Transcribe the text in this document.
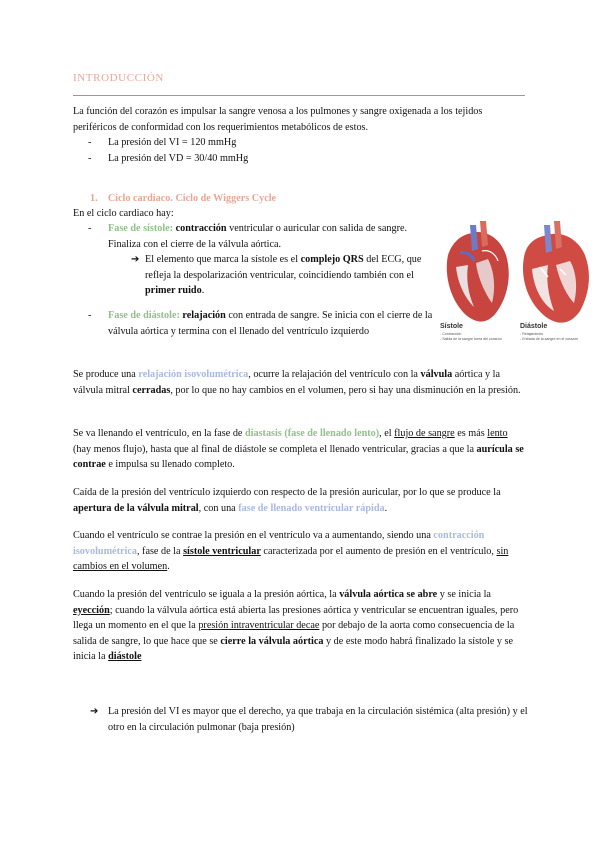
INTRODUCCIÓN

La función del corazón es impulsar la sangre venosa a los pulmones y sangre oxigenada a los tejidos periféricos de conformidad con los requerimientos metabólicos de estos.

- La presión del VI = 120 mmHg
- La presión del VD = 30/40 mmHg
1. Ciclo cardiaco. Ciclo de Wiggers Cycle
En el ciclo cardiaco hay:
- Fase de sístole: contracción ventricular o auricular con salida de sangre. Finaliza con el cierre de la válvula aórtica.
➔ El elemento que marca la sístole es el complejo QRS del ECG, que refleja la despolarización ventricular, coincidiendo también con el primer ruido.
- Fase de diástole: relajación con entrada de sangre. Se inicia con el cierre de la válvula aórtica y termina con el llenado del ventrículo izquierdo	Sístole
- Contracción
- Salida de la sangre fuera del corazón
Diástole
- Relajamiento
- Entrada de la sangre en el corazón

Se produce una relajación isovolumétrica, ocurre la relajación del ventrículo con la válvula aórtica y la válvula mitral cerradas, por lo que no hay cambios en el volumen, pero si hay una disminución en la presión.

Se va llenando el ventrículo, en la fase de diastasis (fase de llenado lento), el flujo de sangre es más lento (hay menos flujo), hasta que al final de diástole se completa el llenado ventricular, gracias a que la aurícula se contrae e impulsa su llenado completo.

Caída de la presión del ventrículo izquierdo con respecto de la presión auricular, por lo que se produce la apertura de la válvula mitral, con una fase de llenado ventricular rápida.

Cuando el ventrículo se contrae la presión en el ventrículo va a aumentando, siendo una contracción isovolumétrica, fase de la sístole ventricular caracterizada por el aumento de presión en el ventrículo, sin cambios en el volumen.

Cuando la presión del ventrículo se iguala a la presión aórtica, la válvula aórtica se abre y se inicia la eyección; cuando la válvula aórtica está abierta las presiones aórtica y ventricular se encuentran iguales, pero llega un momento en el que la presión intraventricular decae por debajo de la aorta como consecuencia de la salida de sangre, lo que hace que se cierre la válvula aórtica y de este modo habrá finalizado la sístole y se inicia la diástole

➔ La presión del VI es mayor que el derecho, ya que trabaja en la circulación sistémica (alta presión) y el otro en la circulación pulmonar (baja presión)
